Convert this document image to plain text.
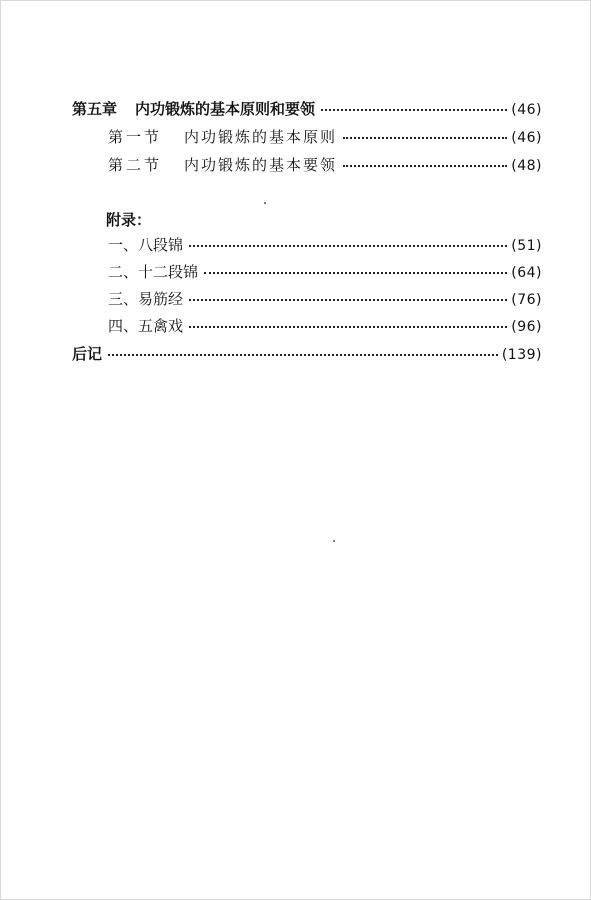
第五章 内功锻炼的基本原则和要领	(46)
第一节 内功锻炼的基本原则	(46)
第二节 内功锻炼的基本要领	(48)
附录：
一、八段锦	(51)
二、十二段锦	(64)
三、易筋经	(76)
四、五禽戏	(96)
后记	(139)
